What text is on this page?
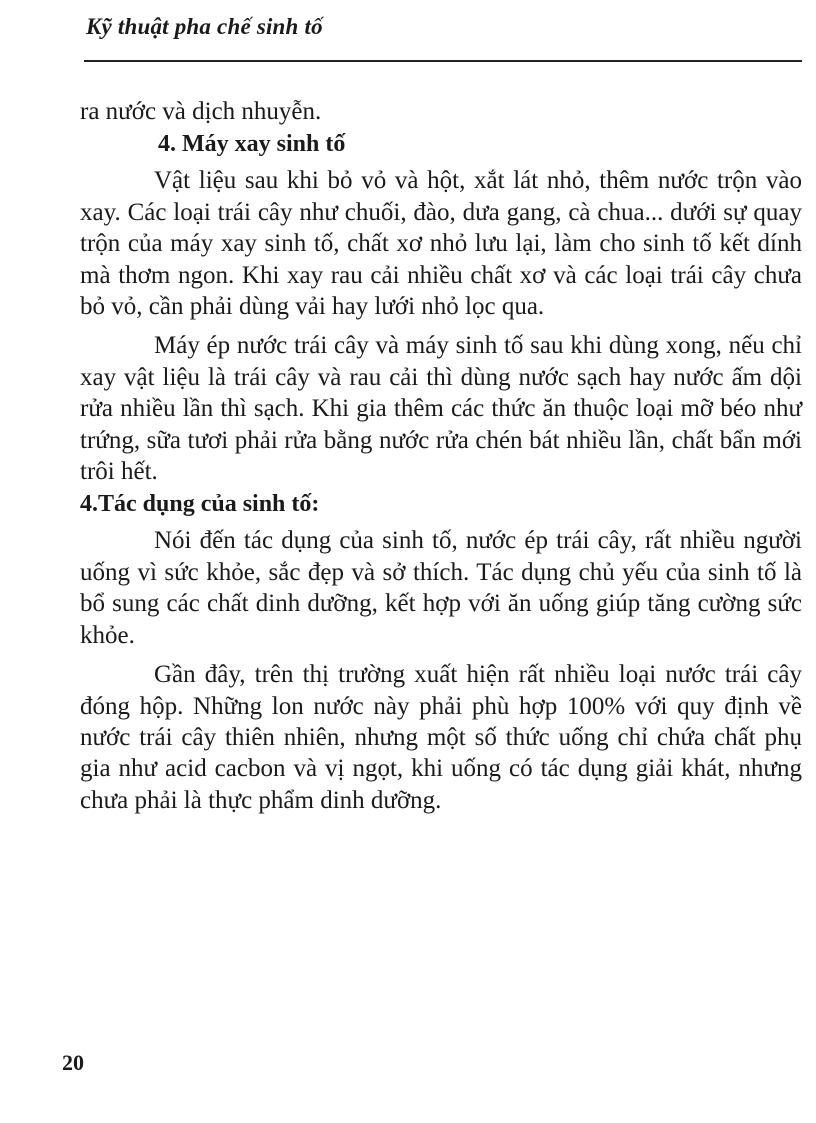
Kỹ thuật pha chế sinh tố

ra nước và dịch nhuyễn.

4. Máy xay sinh tố

Vật liệu sau khi bỏ vỏ và hột, xắt lát nhỏ, thêm nước trộn vào xay. Các loại trái cây như chuối, đào, dưa gang, cà chua... dưới sự quay trộn của máy xay sinh tố, chất xơ nhỏ lưu lại, làm cho sinh tố kết dính mà thơm ngon. Khi xay rau cải nhiều chất xơ và các loại trái cây chưa bỏ vỏ, cần phải dùng vải hay lưới nhỏ lọc qua.

Máy ép nước trái cây và máy sinh tố sau khi dùng xong, nếu chỉ xay vật liệu là trái cây và rau cải thì dùng nước sạch hay nước ấm dội rửa nhiều lần thì sạch. Khi gia thêm các thức ăn thuộc loại mỡ béo như trứng, sữa tươi phải rửa bằng nước rửa chén bát nhiều lần, chất bẩn mới trôi hết.

4.Tác dụng của sinh tố:

Nói đến tác dụng của sinh tố, nước ép trái cây, rất nhiều người uống vì sức khỏe, sắc đẹp và sở thích. Tác dụng chủ yếu của sinh tố là bổ sung các chất dinh dưỡng, kết hợp với ăn uống giúp tăng cường sức khỏe.

Gần đây, trên thị trường xuất hiện rất nhiều loại nước trái cây đóng hộp. Những lon nước này phải phù hợp 100% với quy định về nước trái cây thiên nhiên, nhưng một số thức uống chỉ chứa chất phụ gia như acid cacbon và vị ngọt, khi uống có tác dụng giải khát, nhưng chưa phải là thực phẩm dinh dưỡng.

20
